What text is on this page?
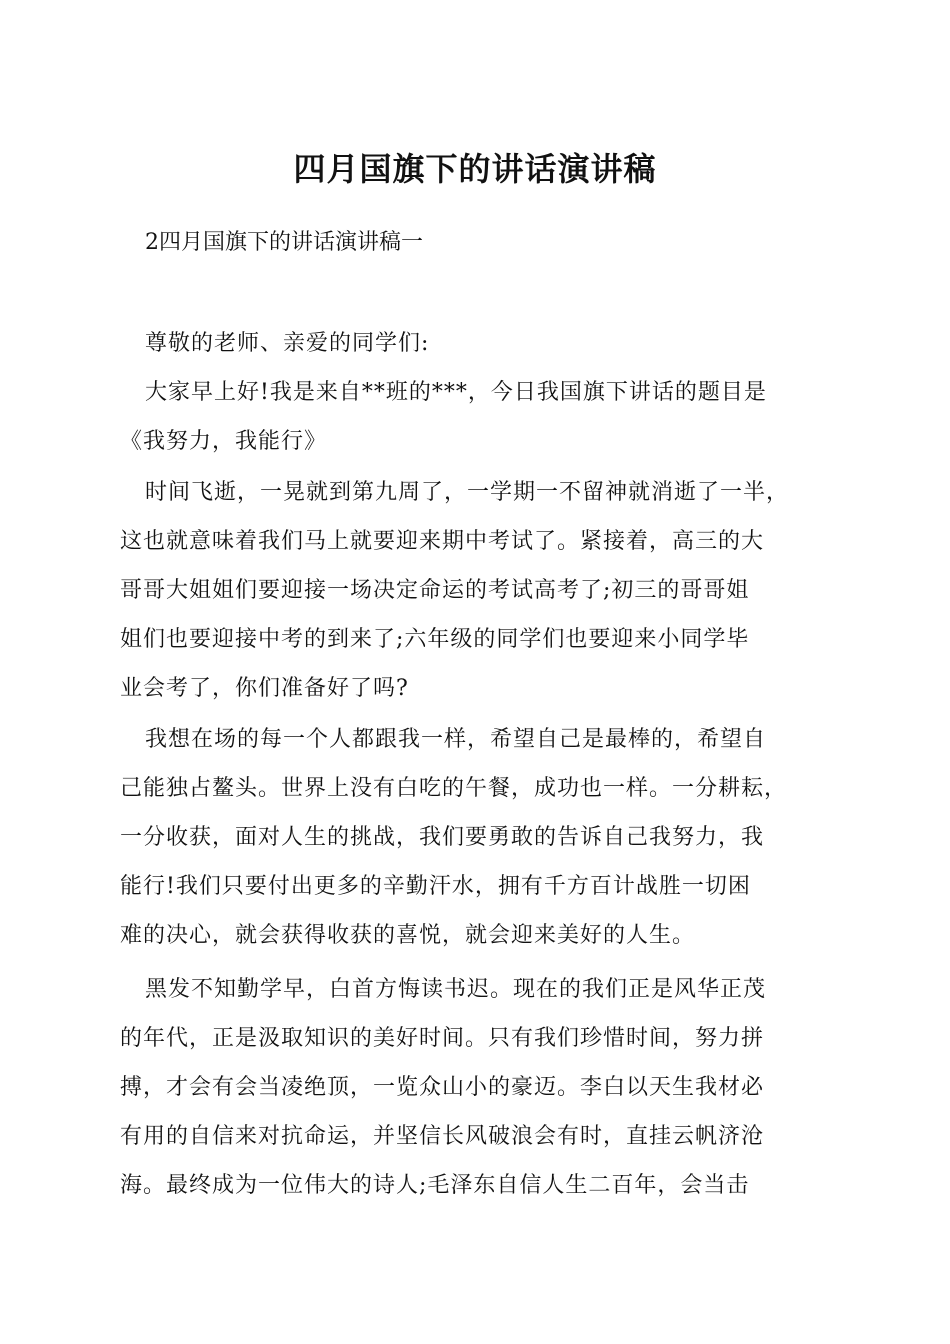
四月国旗下的讲话演讲稿

2四月国旗下的讲话演讲稿一

尊敬的老师、亲爱的同学们:

大家早上好!我是来自**班的***，今日我国旗下讲话的题目是

《我努力，我能行》

时间飞逝，一晃就到第九周了，一学期一不留神就消逝了一半，

这也就意味着我们马上就要迎来期中考试了。紧接着，高三的大

哥哥大姐姐们要迎接一场决定命运的考试高考了;初三的哥哥姐

姐们也要迎接中考的到来了;六年级的同学们也要迎来小同学毕

业会考了，你们准备好了吗?

我想在场的每一个人都跟我一样，希望自己是最棒的，希望自

己能独占鳌头。世界上没有白吃的午餐，成功也一样。一分耕耘，

一分收获，面对人生的挑战，我们要勇敢的告诉自己我努力，我

能行!我们只要付出更多的辛勤汗水，拥有千方百计战胜一切困

难的决心，就会获得收获的喜悦，就会迎来美好的人生。

黑发不知勤学早，白首方悔读书迟。现在的我们正是风华正茂

的年代，正是汲取知识的美好时间。只有我们珍惜时间，努力拼

搏，才会有会当凌绝顶，一览众山小的豪迈。李白以天生我材必

有用的自信来对抗命运，并坚信长风破浪会有时，直挂云帆济沧

海。最终成为一位伟大的诗人;毛泽东自信人生二百年，会当击
